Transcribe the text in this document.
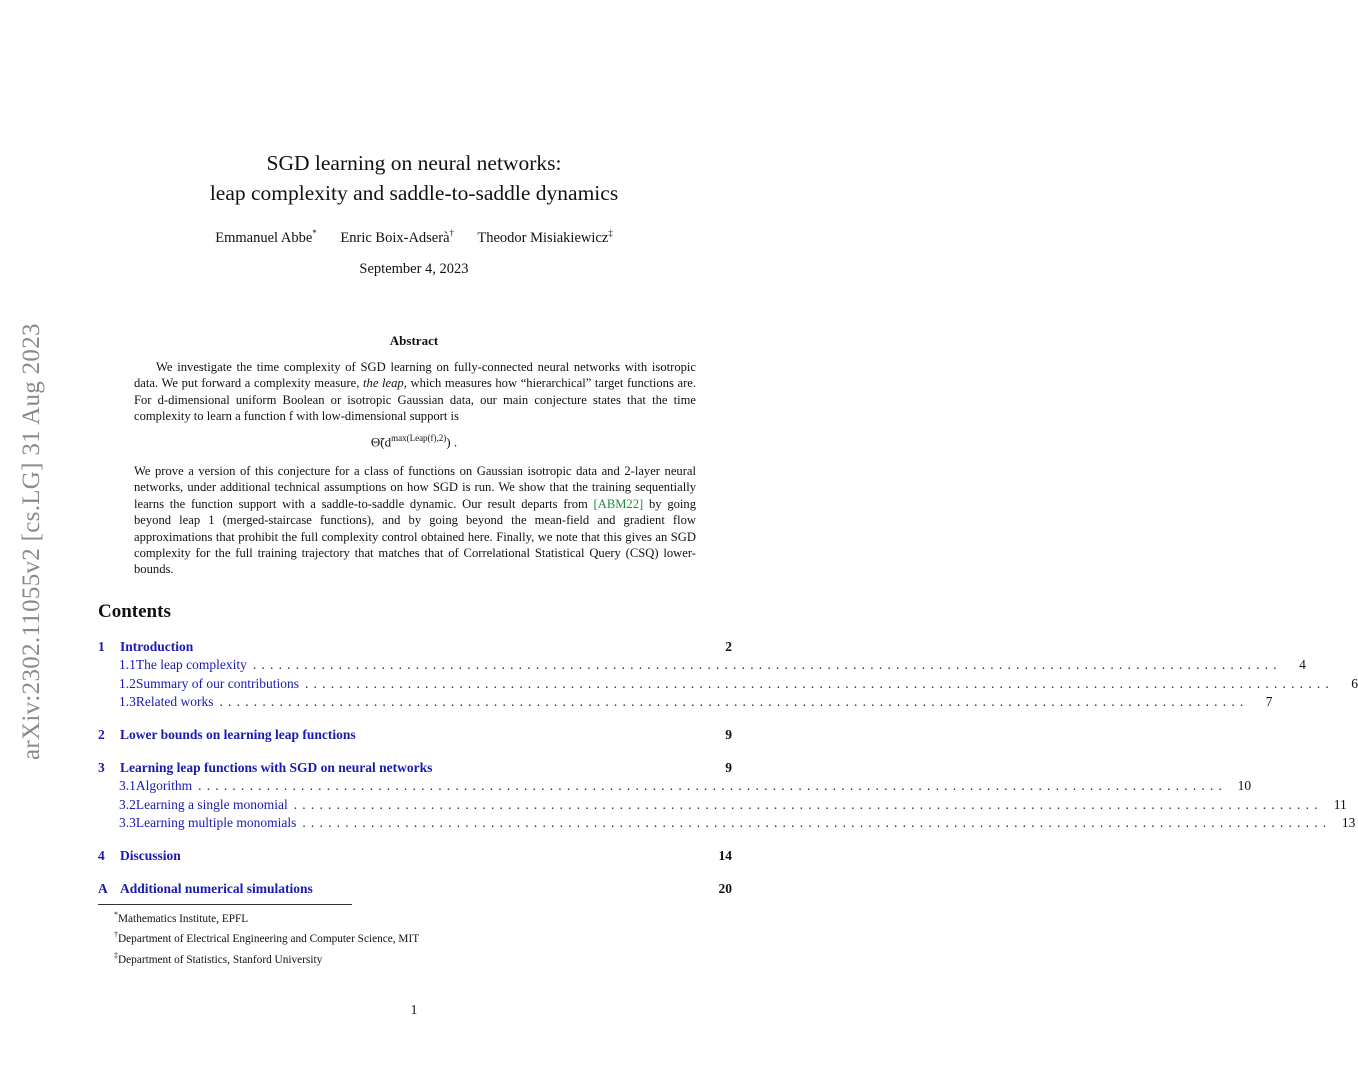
arXiv:2302.11055v2 [cs.LG] 31 Aug 2023
SGD learning on neural networks:
leap complexity and saddle-to-saddle dynamics
Emmanuel Abbe* Enric Boix-Adserà† Theodor Misiakiewicz‡
September 4, 2023
Abstract
We investigate the time complexity of SGD learning on fully-connected neural networks with isotropic data. We put forward a complexity measure, the leap, which measures how “hierarchical” target functions are. For d-dimensional uniform Boolean or isotropic Gaussian data, our main conjecture states that the time complexity to learn a function f with low-dimensional support is
$\Thetã(d^{max(Leap(f),2)})$ .
We prove a version of this conjecture for a class of functions on Gaussian isotropic data and 2-layer neural networks, under additional technical assumptions on how SGD is run. We show that the training sequentially learns the function support with a saddle-to-saddle dynamic. Our result departs from [ABM22] by going beyond leap 1 (merged-staircase functions), and by going beyond the mean-field and gradient flow approximations that prohibit the full complexity control obtained here. Finally, we note that this gives an SGD complexity for the full training trajectory that matches that of Correlational Statistical Query (CSQ) lower-bounds.
Contents
1	Introduction	2
1.1 The leap complexity ........................................................................................................................	4
1.2 Summary of our contributions ........................................................................................................................	6
1.3 Related works ........................................................................................................................	7
2	Lower bounds on learning leap functions	9
3	Learning leap functions with SGD on neural networks	9
3.1 Algorithm ........................................................................................................................ 10
3.2 Learning a single monomial ........................................................................................................................ 11
3.3 Learning multiple monomials ........................................................................................................................ 13
4	Discussion	14
A Additional numerical simulations	20
*Mathematics Institute, EPFL
†Department of Electrical Engineering and Computer Science, MIT
‡Department of Statistics, Stanford University
1
